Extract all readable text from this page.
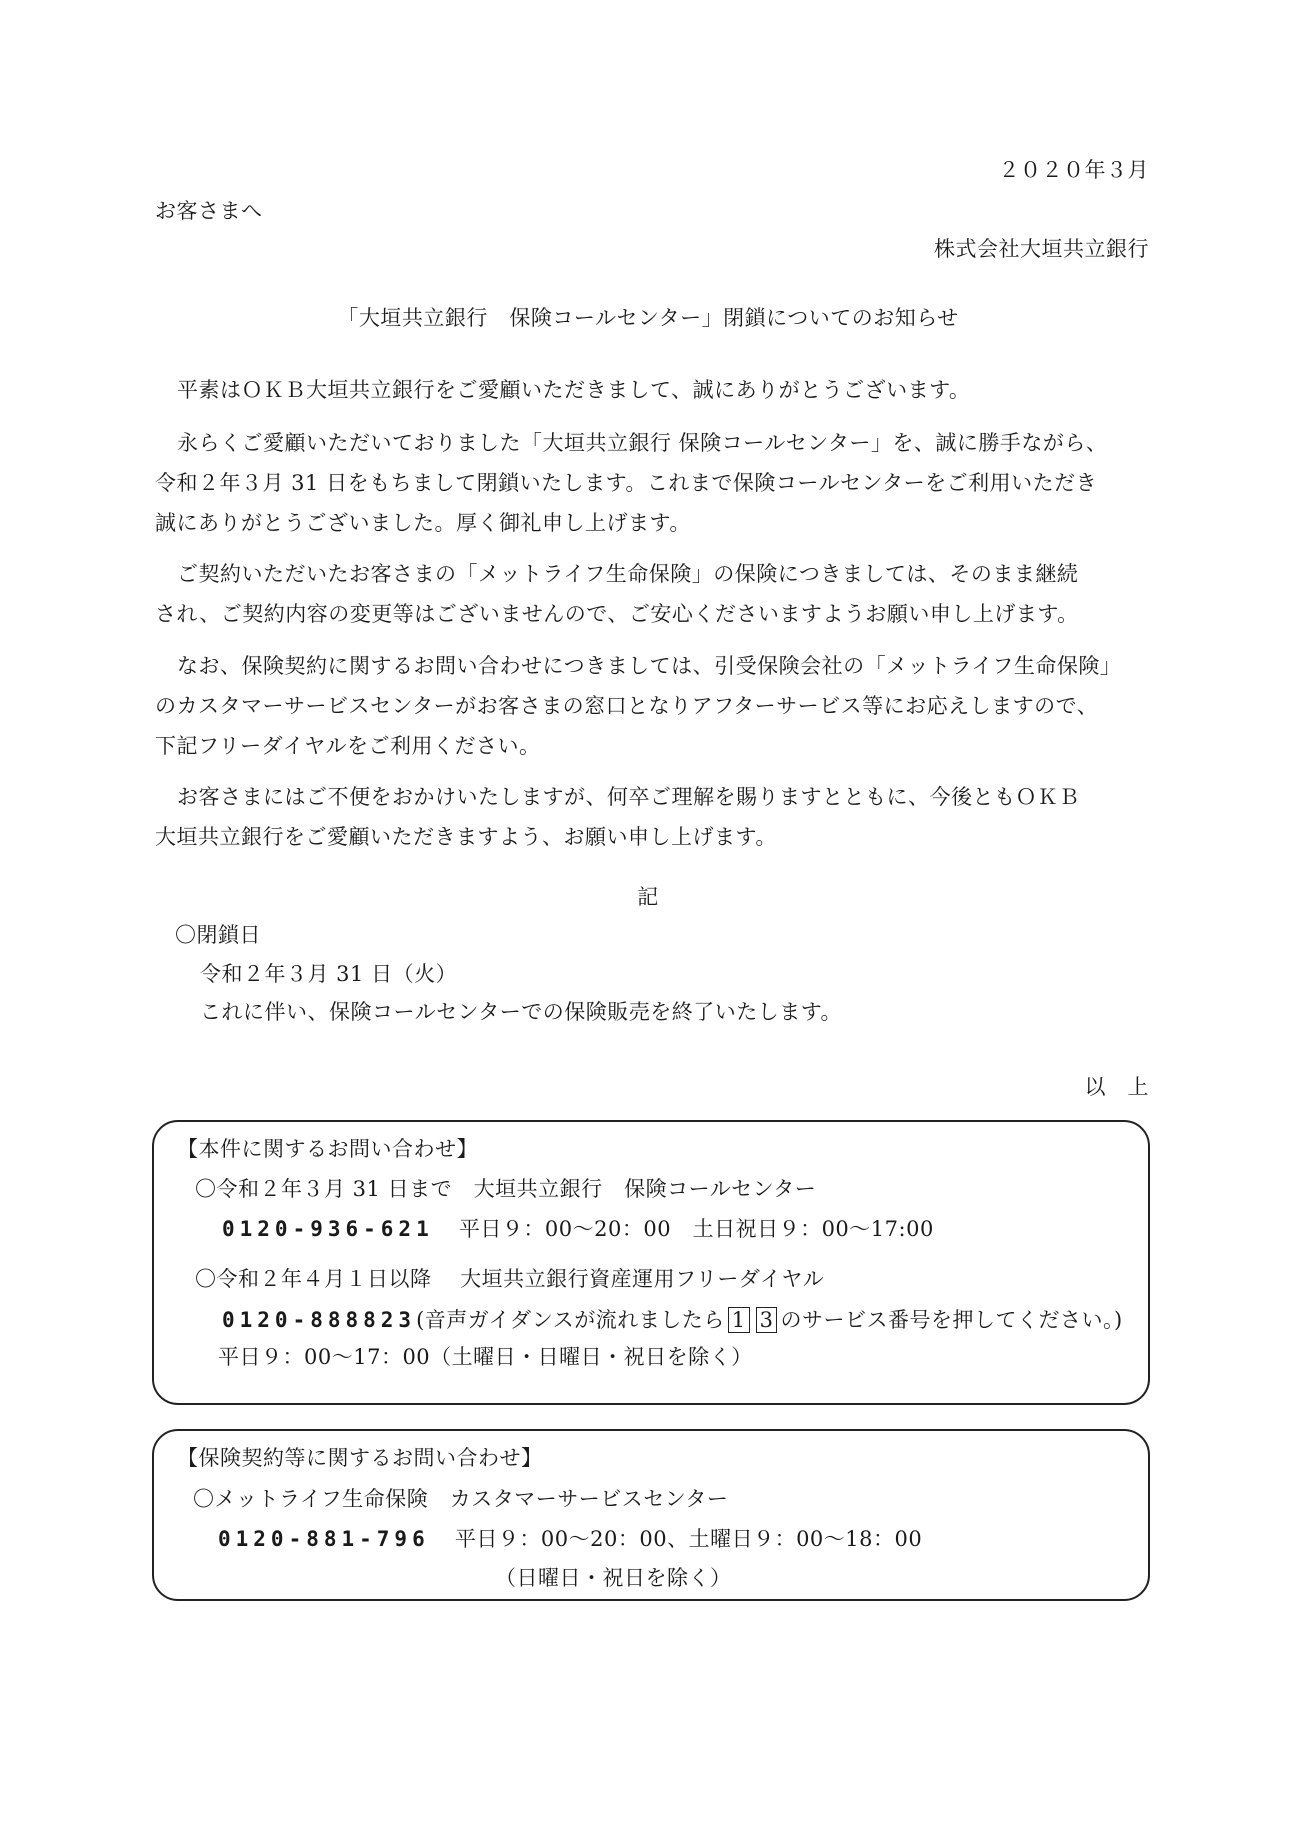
２０２０年３月
お客さまへ
株式会社大垣共立銀行
「大垣共立銀行　保険コールセンター」閉鎖についてのお知らせ
平素はＯＫＢ大垣共立銀行をご愛顧いただきまして、誠にありがとうございます。
永らくご愛顧いただいておりました「大垣共立銀行 保険コールセンター」を、誠に勝手ながら、
令和２年３月 31 日をもちまして閉鎖いたします。これまで保険コールセンターをご利用いただき
誠にありがとうございました。厚く御礼申し上げます。
ご契約いただいたお客さまの「メットライフ生命保険」の保険につきましては、そのまま継続
され、ご契約内容の変更等はございませんので、ご安心くださいますようお願い申し上げます。
なお、保険契約に関するお問い合わせにつきましては、引受保険会社の「メットライフ生命保険」
のカスタマーサービスセンターがお客さまの窓口となりアフターサービス等にお応えしますので、
下記フリーダイヤルをご利用ください。
お客さまにはご不便をおかけいたしますが、何卒ご理解を賜りますとともに、今後ともＯＫＢ
大垣共立銀行をご愛顧いただきますよう、お願い申し上げます。
記
〇閉鎖日
令和２年３月 31 日（火）
これに伴い、保険コールセンターでの保険販売を終了いたします。
以　上
【本件に関するお問い合わせ】
〇令和２年３月 31 日まで　大垣共立銀行　保険コールセンター
0120-936-621 平日９：00～20：00　土日祝日９：00～17:00
〇令和２年４月１日以降　 大垣共立銀行資産運用フリーダイヤル
0120-888823(音声ガイダンスが流れましたら 1 3 のサービス番号を押してください。)
平日９：00～17：00（土曜日・日曜日・祝日を除く）
【保険契約等に関するお問い合わせ】
〇メットライフ生命保険　カスタマーサービスセンター
0120-881-796 平日９：00～20：00、土曜日９：00～18：00
（日曜日・祝日を除く）
